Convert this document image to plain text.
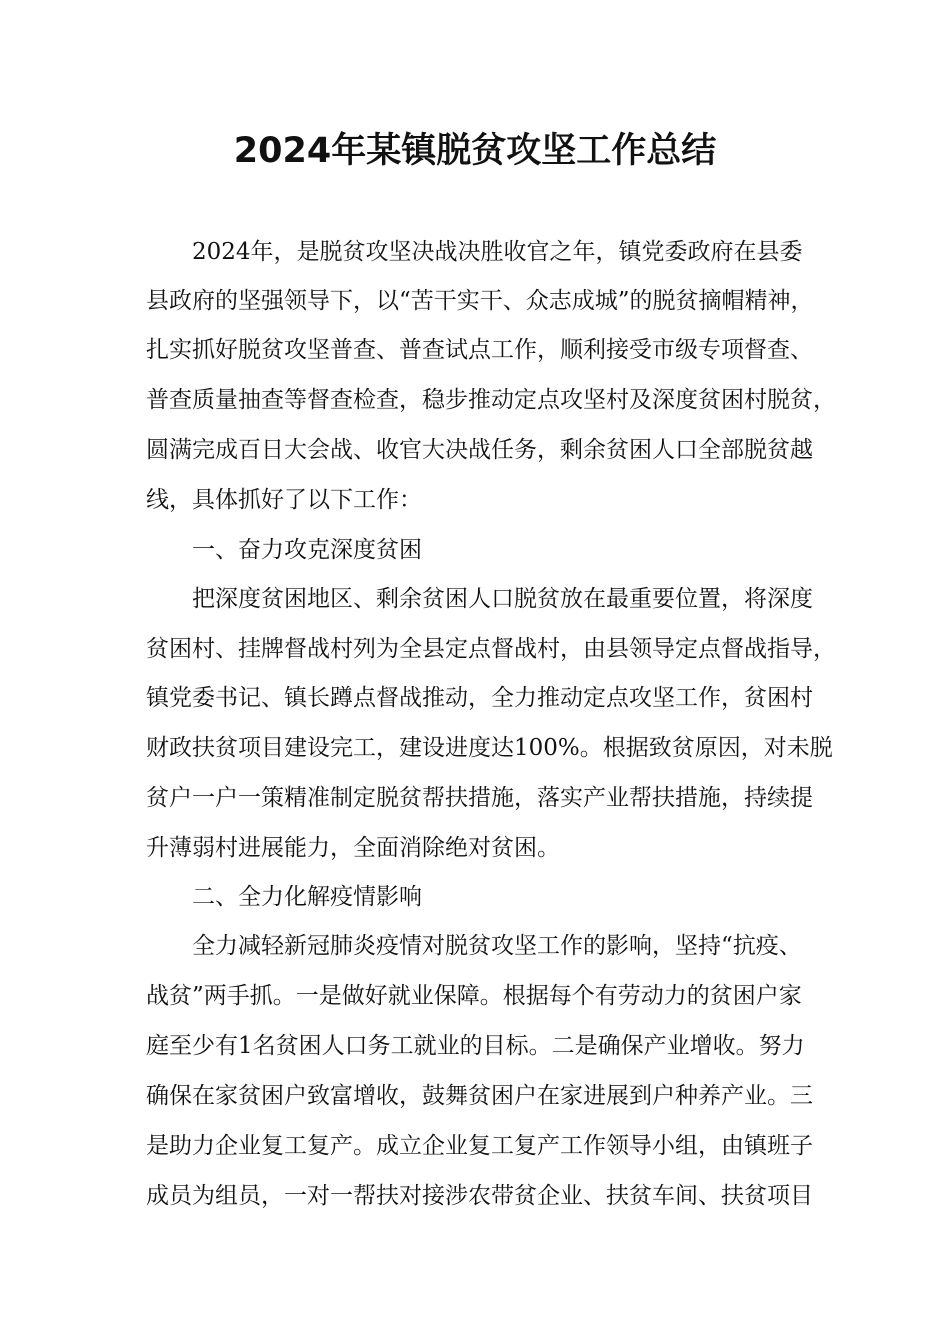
2024年某镇脱贫攻坚工作总结

2024年，是脱贫攻坚决战决胜收官之年，镇党委政府在县委

县政府的坚强领导下，以“苦干实干、众志成城”的脱贫摘帽精神，

扎实抓好脱贫攻坚普查、普查试点工作，顺利接受市级专项督查、

普查质量抽查等督查检查，稳步推动定点攻坚村及深度贫困村脱贫，

圆满完成百日大会战、收官大决战任务，剩余贫困人口全部脱贫越

线，具体抓好了以下工作：

一、奋力攻克深度贫困

把深度贫困地区、剩余贫困人口脱贫放在最重要位置，将深度

贫困村、挂牌督战村列为全县定点督战村，由县领导定点督战指导，

镇党委书记、镇长蹲点督战推动，全力推动定点攻坚工作，贫困村

财政扶贫项目建设完工，建设进度达100%。根据致贫原因，对未脱

贫户一户一策精准制定脱贫帮扶措施，落实产业帮扶措施，持续提

升薄弱村进展能力，全面消除绝对贫困。

二、全力化解疫情影响

全力减轻新冠肺炎疫情对脱贫攻坚工作的影响，坚持“抗疫、

战贫”两手抓。一是做好就业保障。根据每个有劳动力的贫困户家

庭至少有1名贫困人口务工就业的目标。二是确保产业增收。努力

确保在家贫困户致富增收，鼓舞贫困户在家进展到户种养产业。三

是助力企业复工复产。成立企业复工复产工作领导小组，由镇班子

成员为组员，一对一帮扶对接涉农带贫企业、扶贫车间、扶贫项目
